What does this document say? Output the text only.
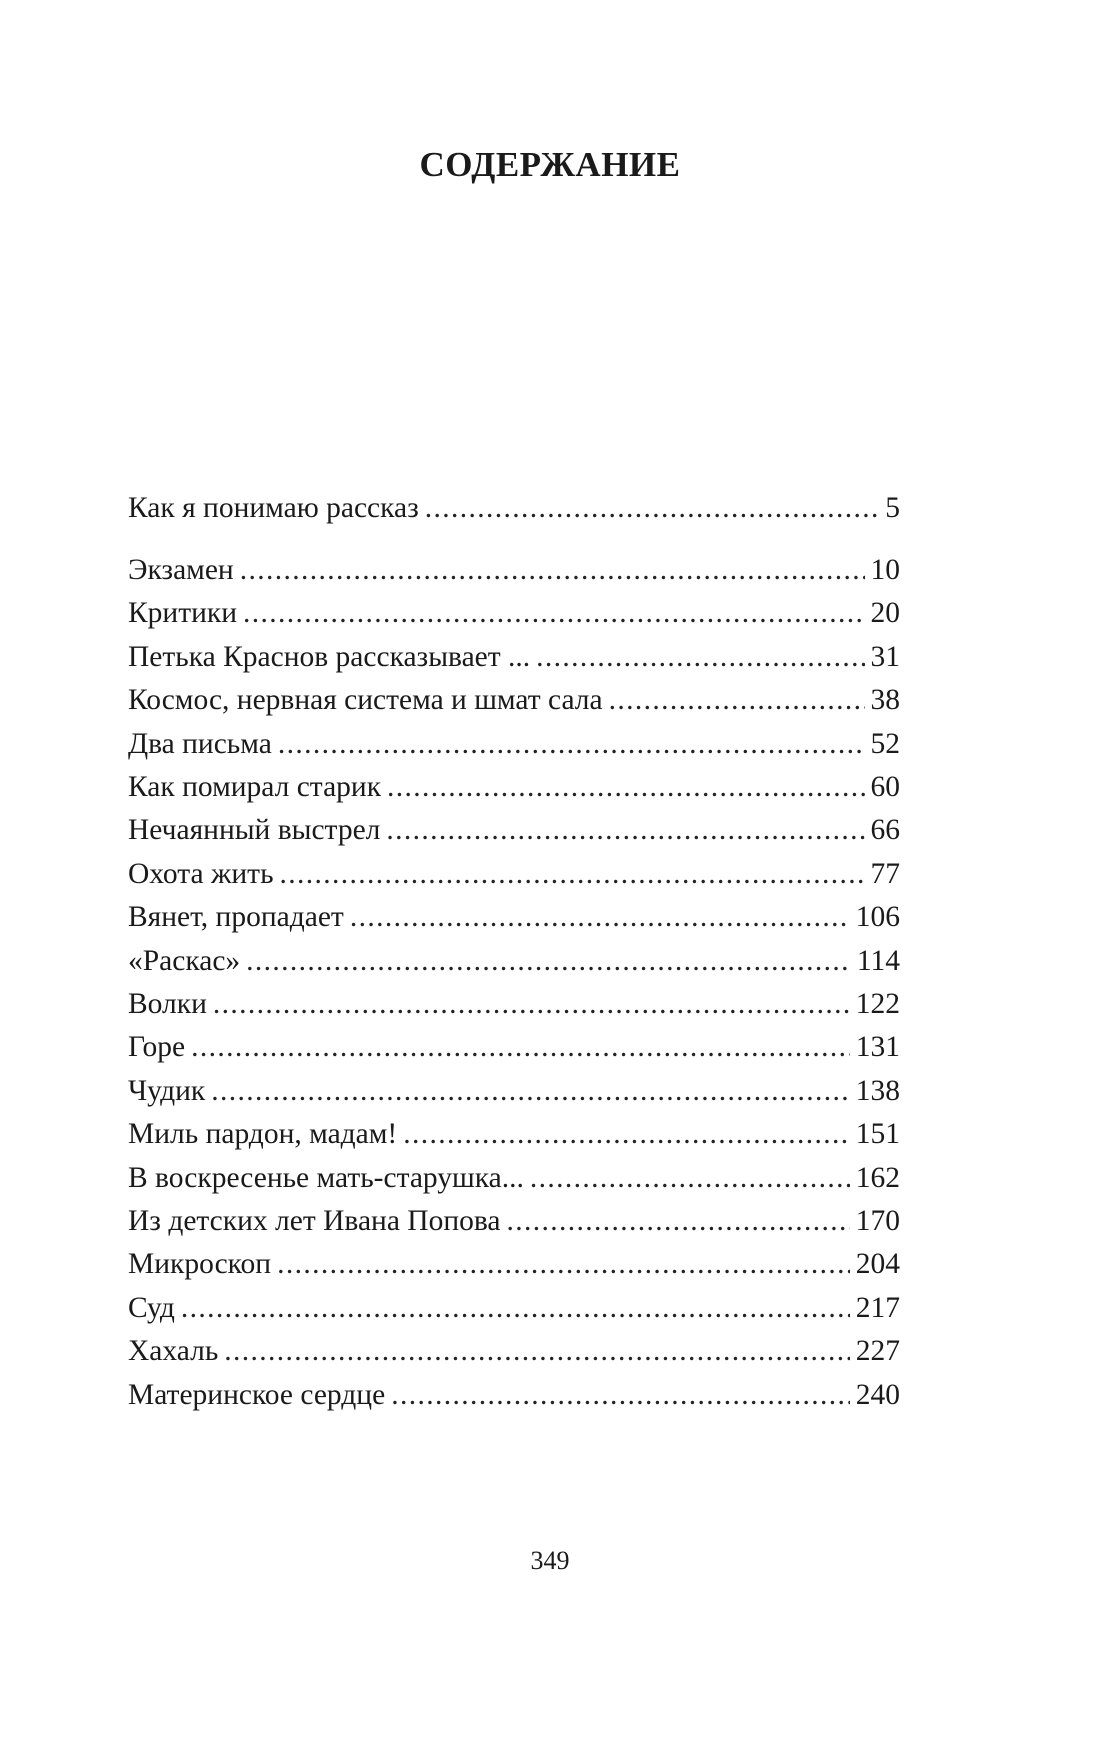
СОДЕРЖАНИЕ
Как я понимаю рассказ . . .	5
Экзамен . . .	10
Критики . . .	20
Петька Краснов рассказывает ... . . .	31
Космос, нервная система и шмат сала . . .	38
Два письма . . .	52
Как помирал старик . . .	60
Нечаянный выстрел . . .	66
Охота жить . . .	77
Вянет, пропадает . . .	106
«Раскас» . . .	114
Волки . . .	122
Горе . . .	131
Чудик . . .	138
Миль пардон, мадам! . . .	151
В воскресенье мать-старушка... . . .	162
Из детских лет Ивана Попова . . .	170
Микроскоп . . .	204
Суд . . .	217
Хахаль . . .	227
Материнское сердце . . .	240
349
